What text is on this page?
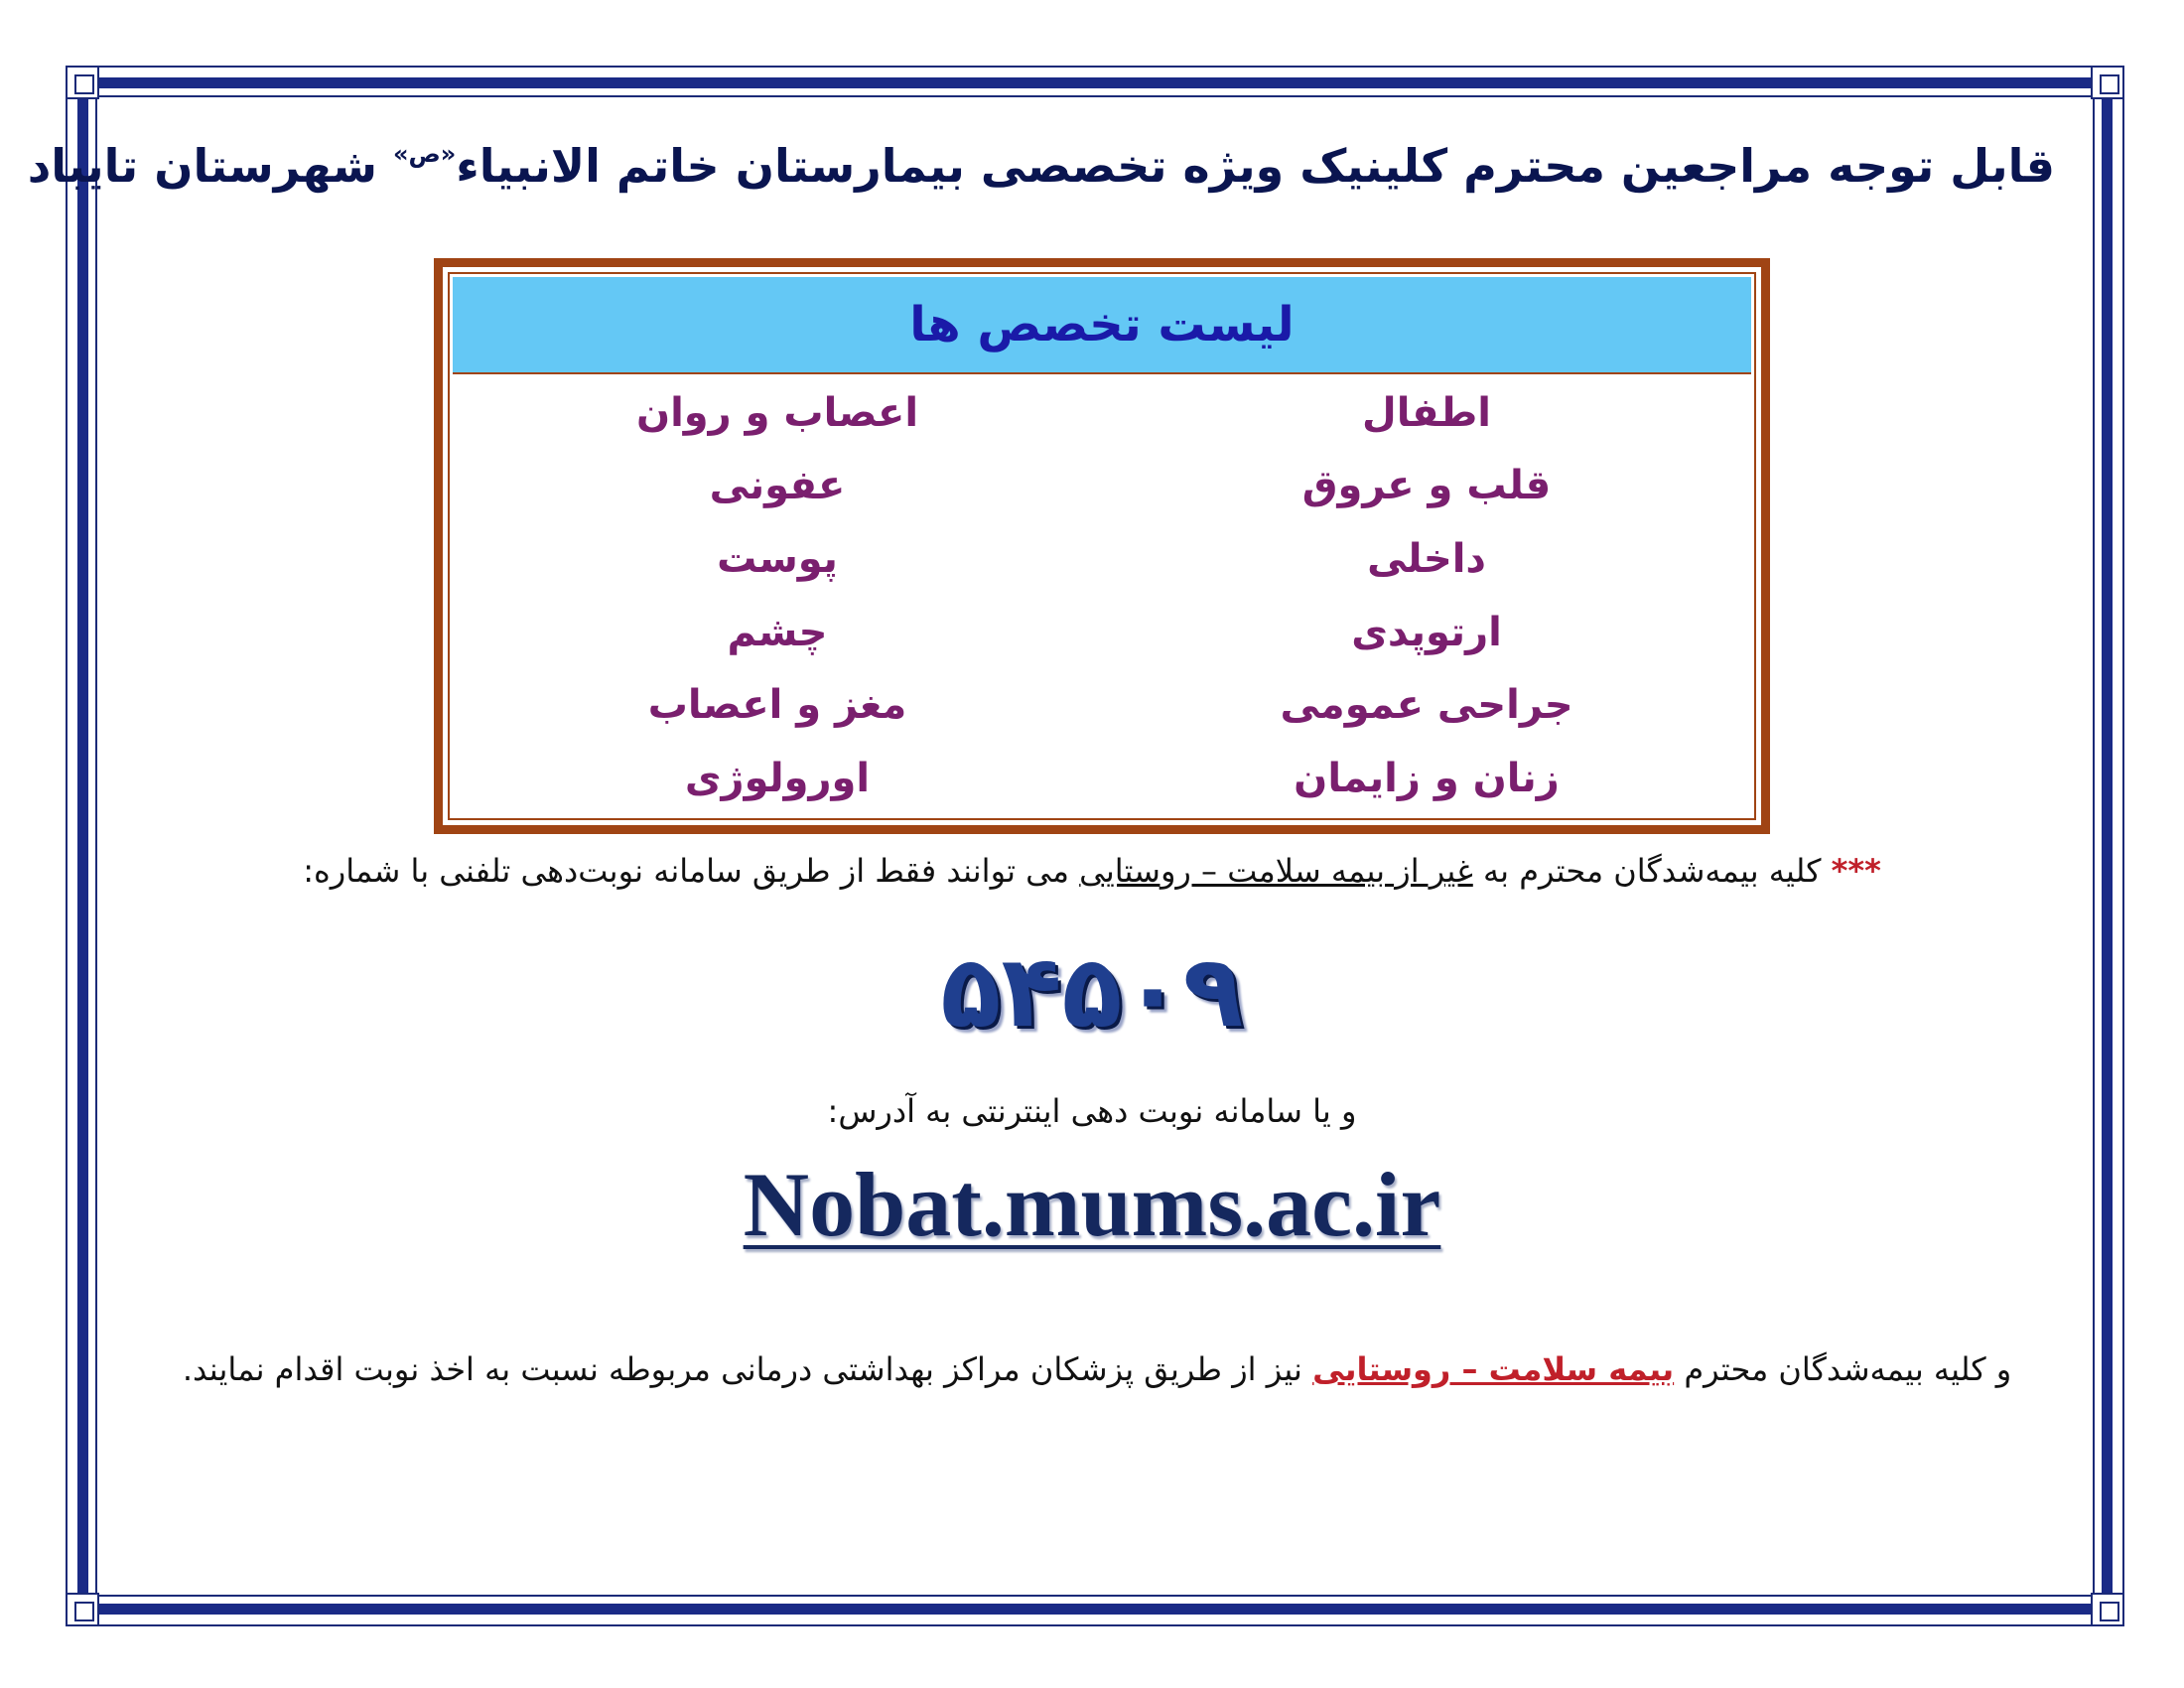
قابل توجه مراجعین محترم کلینیک ویژه تخصصی بیمارستان خاتم الانبیاء$^{«ص»}$ شهرستان تایباد
لیست تخصص ها
اطفال
اعصاب و روان
قلب و عروق
عفونی
داخلی
پوست
ارتوپدی
چشم
جراحی عمومی
مغز و اعصاب
زنان و زایمان
اورولوژی
*** کلیه بیمه‌شدگان محترم به غیر از بیمه سلامت – روستایی می توانند فقط از طریق سامانه نوبت‌دهی تلفنی با شماره:
۵۴۵۰۹
و یا سامانه نوبت دهی اینترنتی به آدرس:
Nobat.mums.ac.ir
و کلیه بیمه‌شدگان محترم بیمه سلامت – روستایی نیز از طریق پزشکان مراکز بهداشتی درمانی مربوطه نسبت به اخذ نوبت اقدام نمایند.
